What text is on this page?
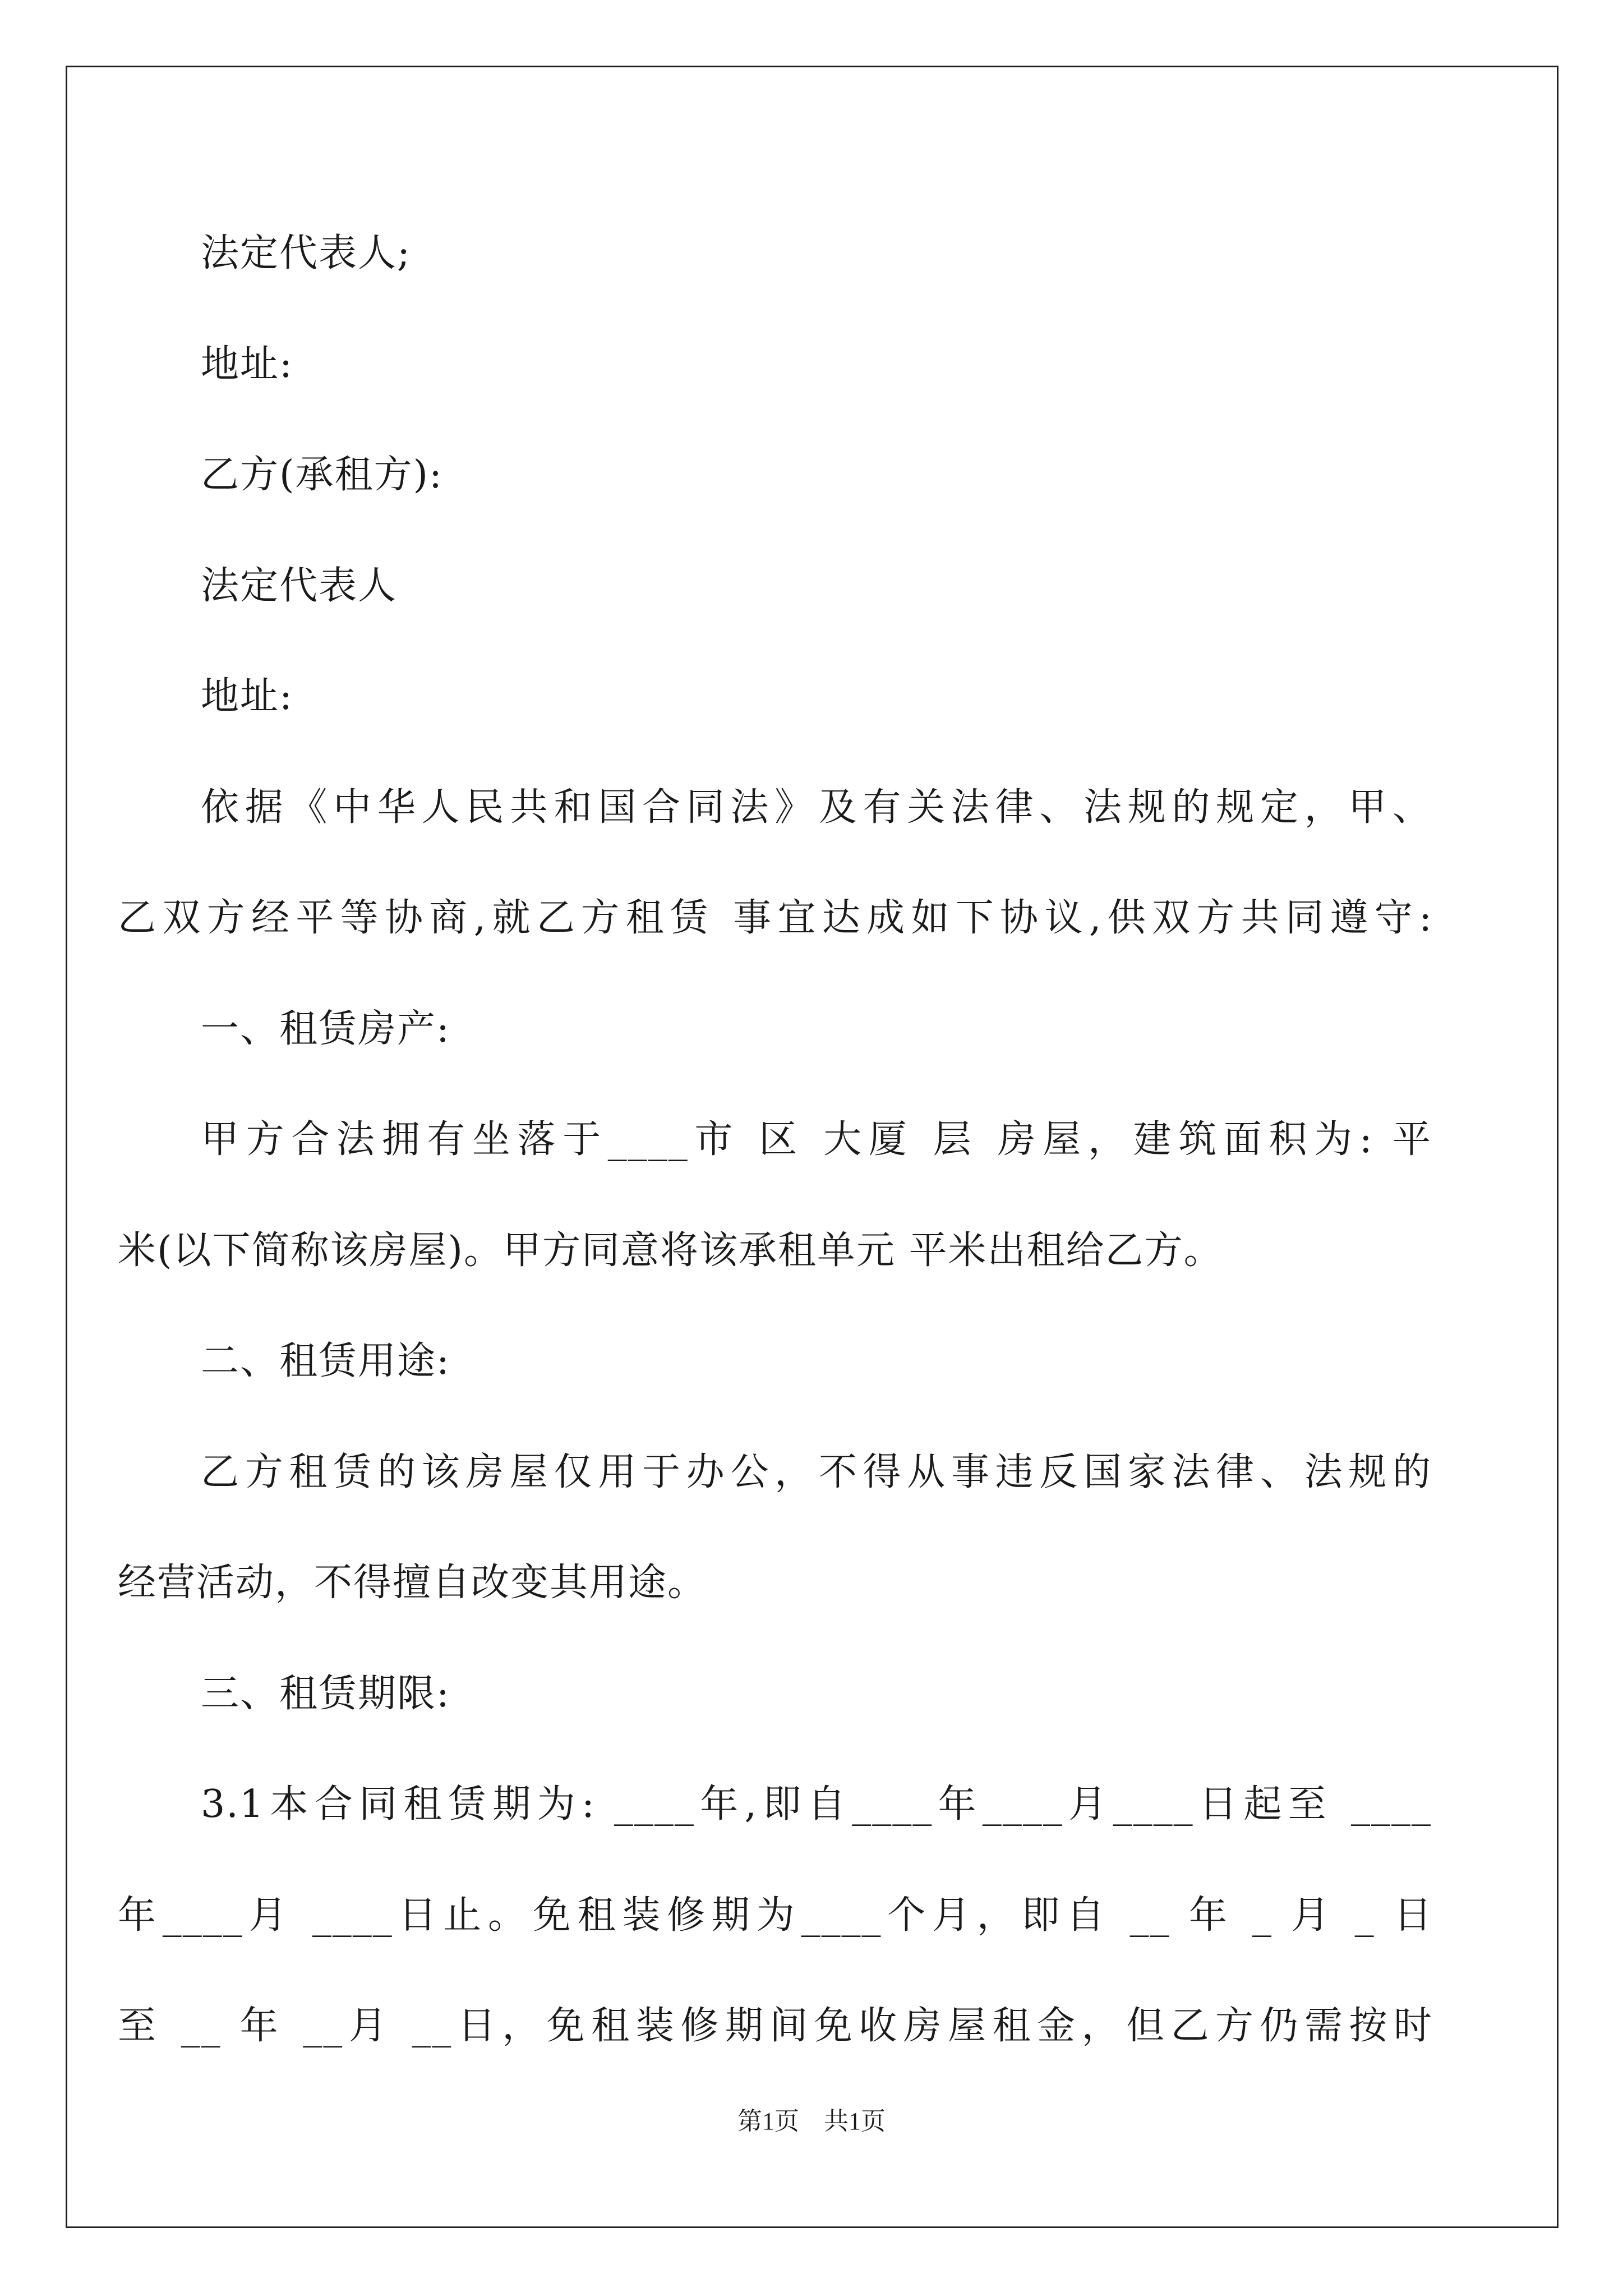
法定代表人;
地址:
乙方(承租方):
法定代表人
地址:
依据《中华人民共和国合同法》及有关法律、法规的规定，甲、
乙双方经平等协商,就乙方租赁 事宜达成如下协议,供双方共同遵守:
一、租赁房产:
甲方合法拥有坐落于____市 区 大厦 层 房屋，建筑面积为: 平
米(以下简称该房屋)。甲方同意将该承租单元 平米出租给乙方。
二、租赁用途:
乙方租赁的该房屋仅用于办公，不得从事违反国家法律、法规的
经营活动，不得擅自改变其用途。
三、租赁期限:
3.1本合同租赁期为: ____年,即自____年____月____日起至 ____
年____月 ____日止。免租装修期为____个月，即自 __ 年 _ 月 _ 日
至 __ 年 __月 __日，免租装修期间免收房屋租金，但乙方仍需按时
第1页　共1页
